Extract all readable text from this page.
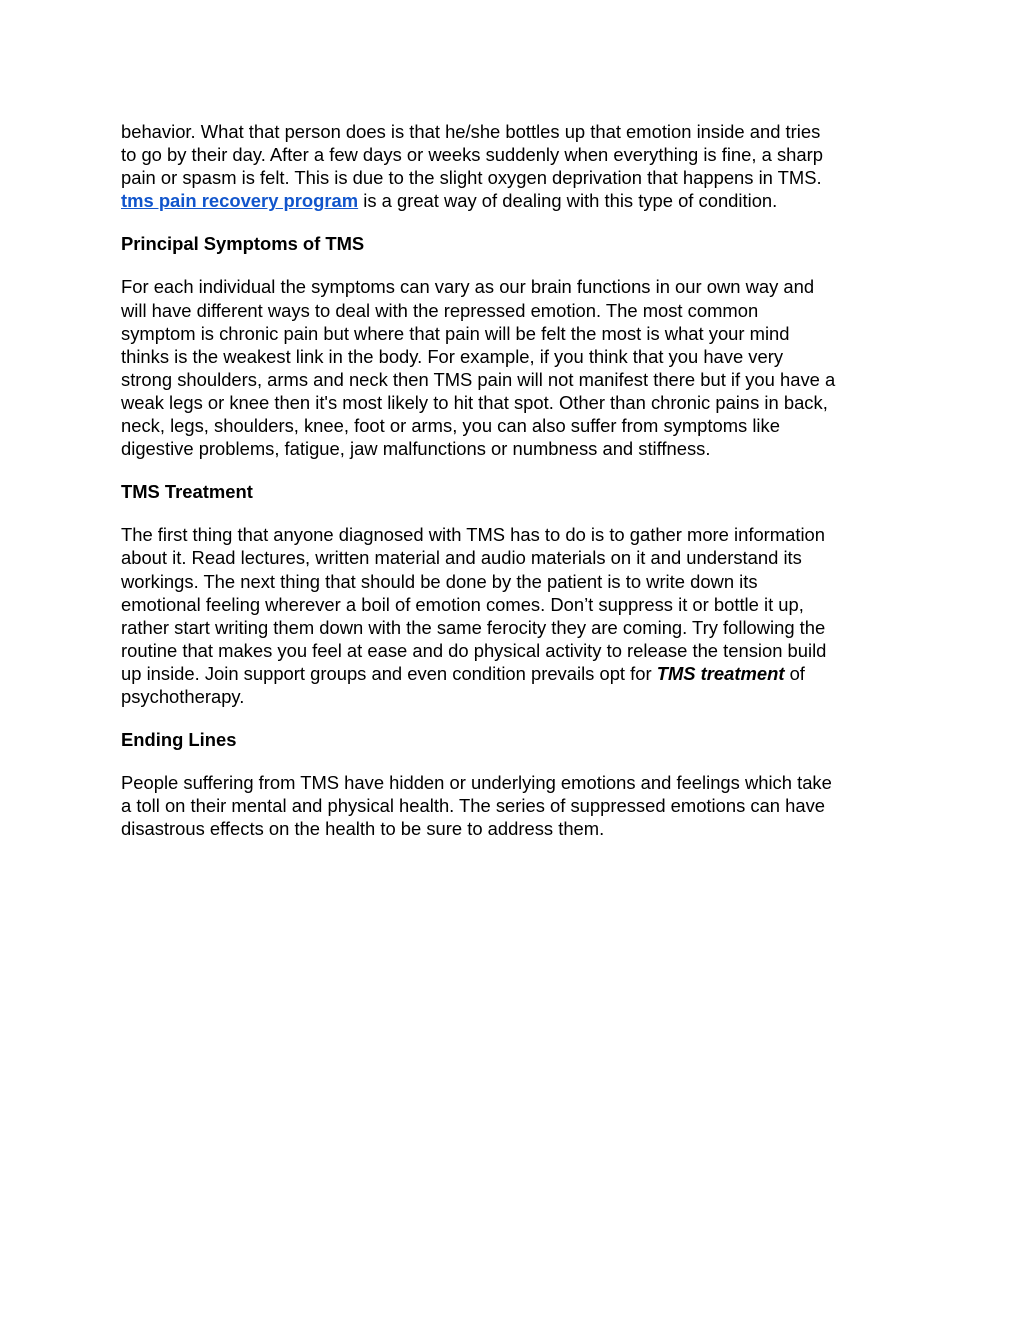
behavior. What that person does is that he/she bottles up that emotion inside and tries
to go by their day. After a few days or weeks suddenly when everything is fine, a sharp
pain or spasm is felt. This is due to the slight oxygen deprivation that happens in TMS.
tms pain recovery program is a great way of dealing with this type of condition.
Principal Symptoms of TMS
For each individual the symptoms can vary as our brain functions in our own way and
will have different ways to deal with the repressed emotion. The most common
symptom is chronic pain but where that pain will be felt the most is what your mind
thinks is the weakest link in the body. For example, if you think that you have very
strong shoulders, arms and neck then TMS pain will not manifest there but if you have a
weak legs or knee then it's most likely to hit that spot. Other than chronic pains in back,
neck, legs, shoulders, knee, foot or arms, you can also suffer from symptoms like
digestive problems, fatigue, jaw malfunctions or numbness and stiffness.
TMS Treatment
The first thing that anyone diagnosed with TMS has to do is to gather more information
about it. Read lectures, written material and audio materials on it and understand its
workings. The next thing that should be done by the patient is to write down its
emotional feeling wherever a boil of emotion comes. Don’t suppress it or bottle it up,
rather start writing them down with the same ferocity they are coming. Try following the
routine that makes you feel at ease and do physical activity to release the tension build
up inside. Join support groups and even condition prevails opt for TMS treatment of
psychotherapy.
Ending Lines
People suffering from TMS have hidden or underlying emotions and feelings which take
a toll on their mental and physical health. The series of suppressed emotions can have
disastrous effects on the health to be sure to address them.
